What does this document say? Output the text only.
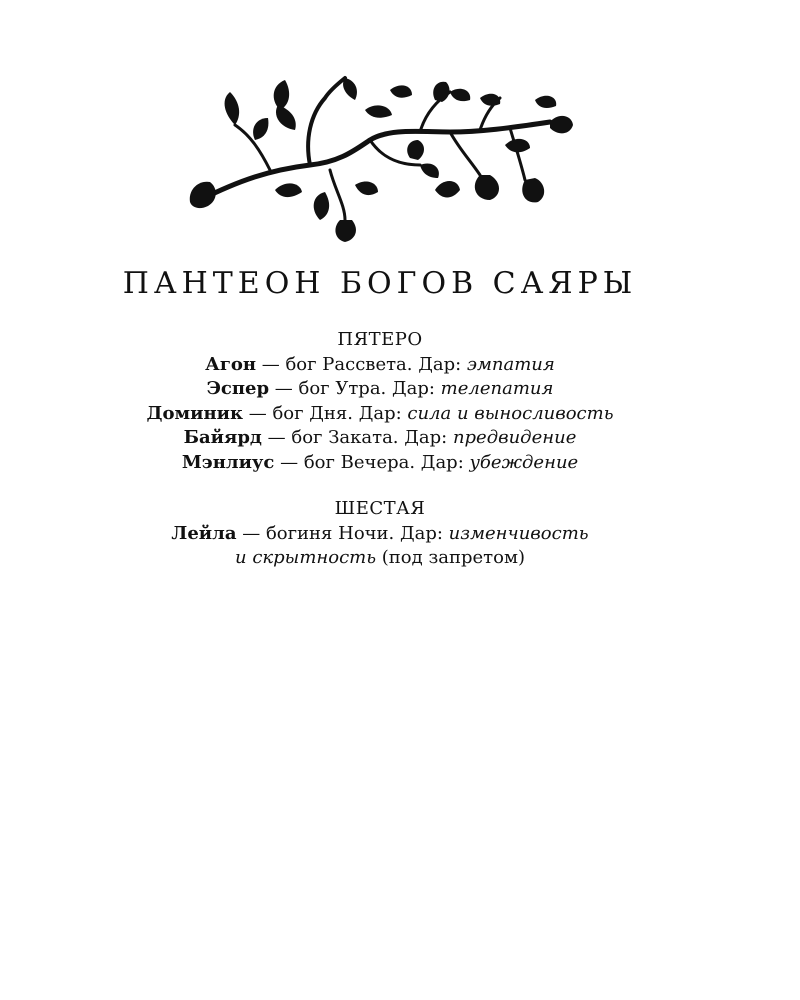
ПАНТЕОН БОГОВ САЯРЫ
ПЯТЕРО
Агон — бог Рассвета. Дар: эмпатия
Эспер — бог Утра. Дар: телепатия
Доминик — бог Дня. Дар: сила и выносливость
Байярд — бог Заката. Дар: предвидение
Мэнлиус — бог Вечера. Дар: убеждение
ШЕСТАЯ
Лейла — богиня Ночи. Дар: изменчивость
и скрытность (под запретом)
